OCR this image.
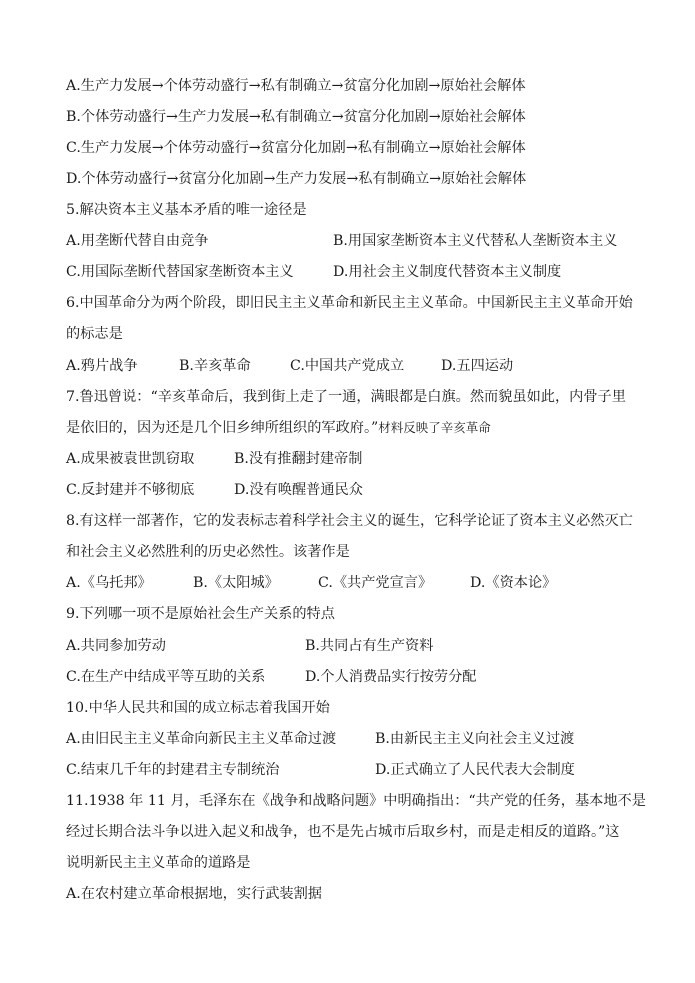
A.生产力发展→个体劳动盛行→私有制确立→贫富分化加剧→原始社会解体
B.个体劳动盛行→生产力发展→私有制确立→贫富分化加剧→原始社会解体
C.生产力发展→个体劳动盛行→贫富分化加剧→私有制确立→原始社会解体
D.个体劳动盛行→贫富分化加剧→生产力发展→私有制确立→原始社会解体
5.解决资本主义基本矛盾的唯一途径是
A.用垄断代替自由竞争	B.用国家垄断资本主义代替私人垄断资本主义
C.用国际垄断代替国家垄断资本主义	D.用社会主义制度代替资本主义制度
6.中国革命分为两个阶段，即旧民主主义革命和新民主主义革命。中国新民主主义革命开始
的标志是
A.鸦片战争	B.辛亥革命	C.中国共产党成立	D.五四运动
7.鲁迅曾说：“辛亥革命后，我到街上走了一通，满眼都是白旗。然而貌虽如此，内骨子里
是依旧的，因为还是几个旧乡绅所组织的军政府。”材料反映了辛亥革命
A.成果被袁世凯窃取	B.没有推翻封建帝制
C.反封建并不够彻底	D.没有唤醒普通民众
8.有这样一部著作，它的发表标志着科学社会主义的诞生，它科学论证了资本主义必然灭亡
和社会主义必然胜利的历史必然性。该著作是
A.《乌托邦》	B.《太阳城》	C.《共产党宣言》	D.《资本论》
9.下列哪一项不是原始社会生产关系的特点
A.共同参加劳动	B.共同占有生产资料
C.在生产中结成平等互助的关系	D.个人消费品实行按劳分配
10.中华人民共和国的成立标志着我国开始
A.由旧民主主义革命向新民主主义革命过渡	B.由新民主主义向社会主义过渡
C.结束几千年的封建君主专制统治	D.正式确立了人民代表大会制度
11.1938 年 11 月，毛泽东在《战争和战略问题》中明确指出：“共产党的任务，基本地不是
经过长期合法斗争以进入起义和战争，也不是先占城市后取乡村，而是走相反的道路。”这
说明新民主主义革命的道路是
A.在农村建立革命根据地，实行武装割据
